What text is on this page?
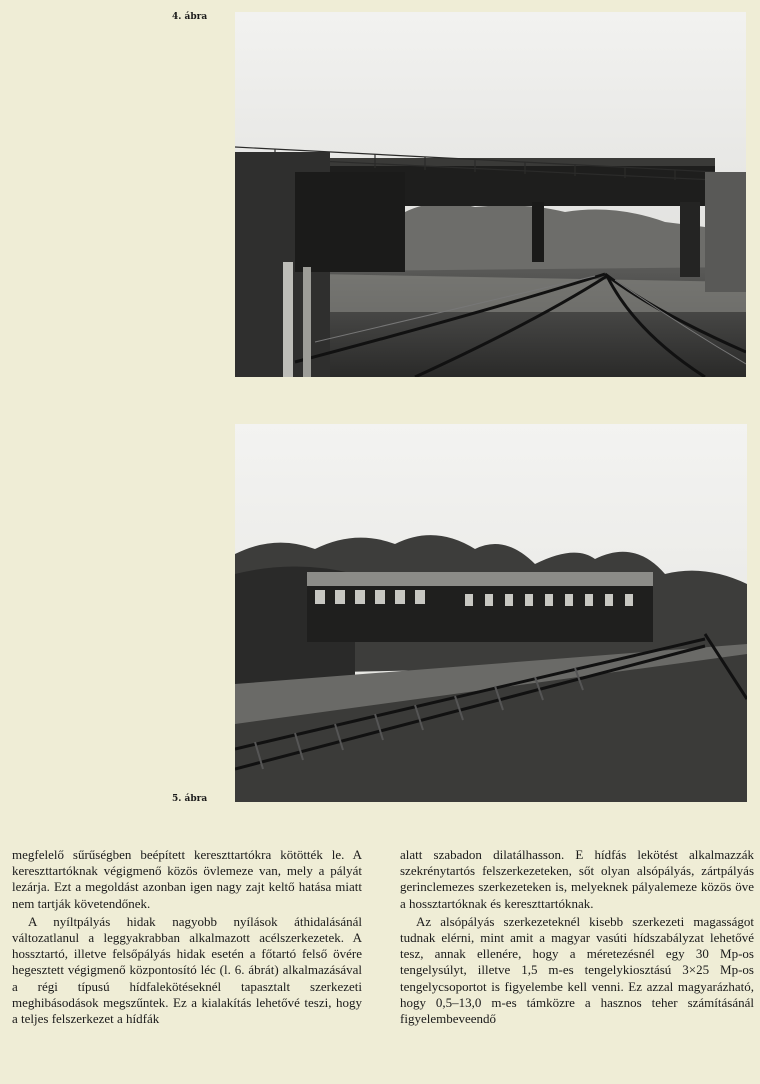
4. ábra
5. ábra

megfelelő sűrűségben beépített kereszttartókra kötötték le. A kereszttartóknak végigmenő közös övlemeze van, mely a pályát lezárja. Ezt a megoldást azonban igen nagy zajt keltő hatása miatt nem tartják követendőnek.

A nyíltpályás hidak nagyobb nyílások áthidalásánál változatlanul a leggyakrabban alkalmazott acélszerkezetek. A hossztartó, illetve felsőpályás hidak esetén a főtartó felső övére hegesztett végigmenő központosító léc (l. 6. ábrát) alkalmazásával a régi típusú hídfalekötéseknél tapasztalt szerkezeti meghibásodások megszűntek. Ez a kialakítás lehetővé teszi, hogy a teljes felszerkezet a hídfák

alatt szabadon dilatálhasson. E hídfás lekötést alkalmazzák szekrénytartós felszerkezeteken, sőt olyan alsópályás, zártpályás gerinclemezes szerkezeteken is, melyeknek pályalemeze közös öve a hossztartóknak és kereszttartóknak.

Az alsópályás szerkezeteknél kisebb szerkezeti magasságot tudnak elérni, mint amit a magyar vasúti hídszabályzat lehetővé tesz, annak ellenére, hogy a méretezésnél egy 30 Mp-os tengelysúlyt, illetve 1,5 m-es tengelykiosztású 3×25 Mp-os tengelycsoportot is figyelembe kell venni. Ez azzal magyarázható, hogy 0,5–13,0 m-es támközre a hasznos teher számításánál figyelembeveendő
